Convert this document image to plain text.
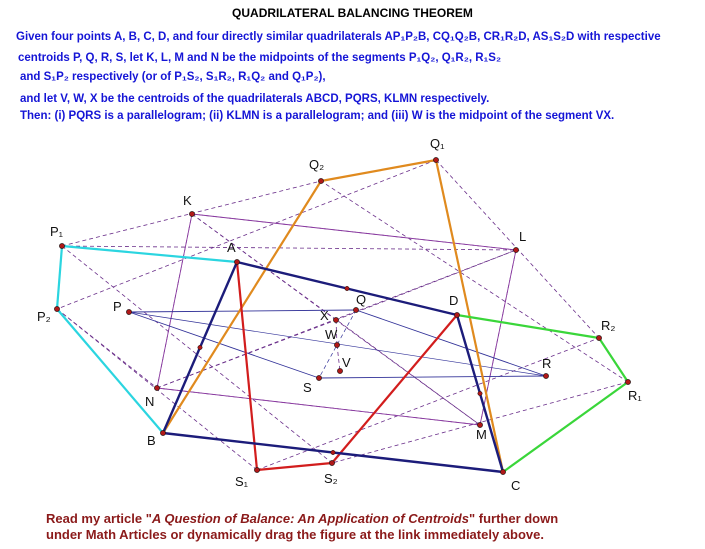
QUADRILATERAL BALANCING THEOREM
Given four points A, B, C, D, and four directly similar quadrilaterals AP₁P₂B, CQ₁Q₂B, CR₁R₂D, AS₁S₂D with respective
centroids P, Q, R, S, let K, L, M and N be the midpoints of the segments P₁Q₂, Q₁R₂, R₁S₂
and S₁P₂ respectively (or of P₁S₂, S₁R₂, R₁Q₂ and Q₁P₂),
and let V, W, X be the centroids of the quadrilaterals ABCD, PQRS, KLMN respectively.
Then: (i) PQRS is a parallelogram; (ii) KLMN is a parallelogram; and (iii) W is the midpoint of the segment VX.
A
B
C
D
P₁
P₂
Q₁
Q₂
R₁
R₂
S₁	S₂
P	Q
R
S
K
L
M
N
V
W
X
Read my article "A Question of Balance: An Application of Centroids" further down
under Math Articles or dynamically drag the figure at the link immediately above.
